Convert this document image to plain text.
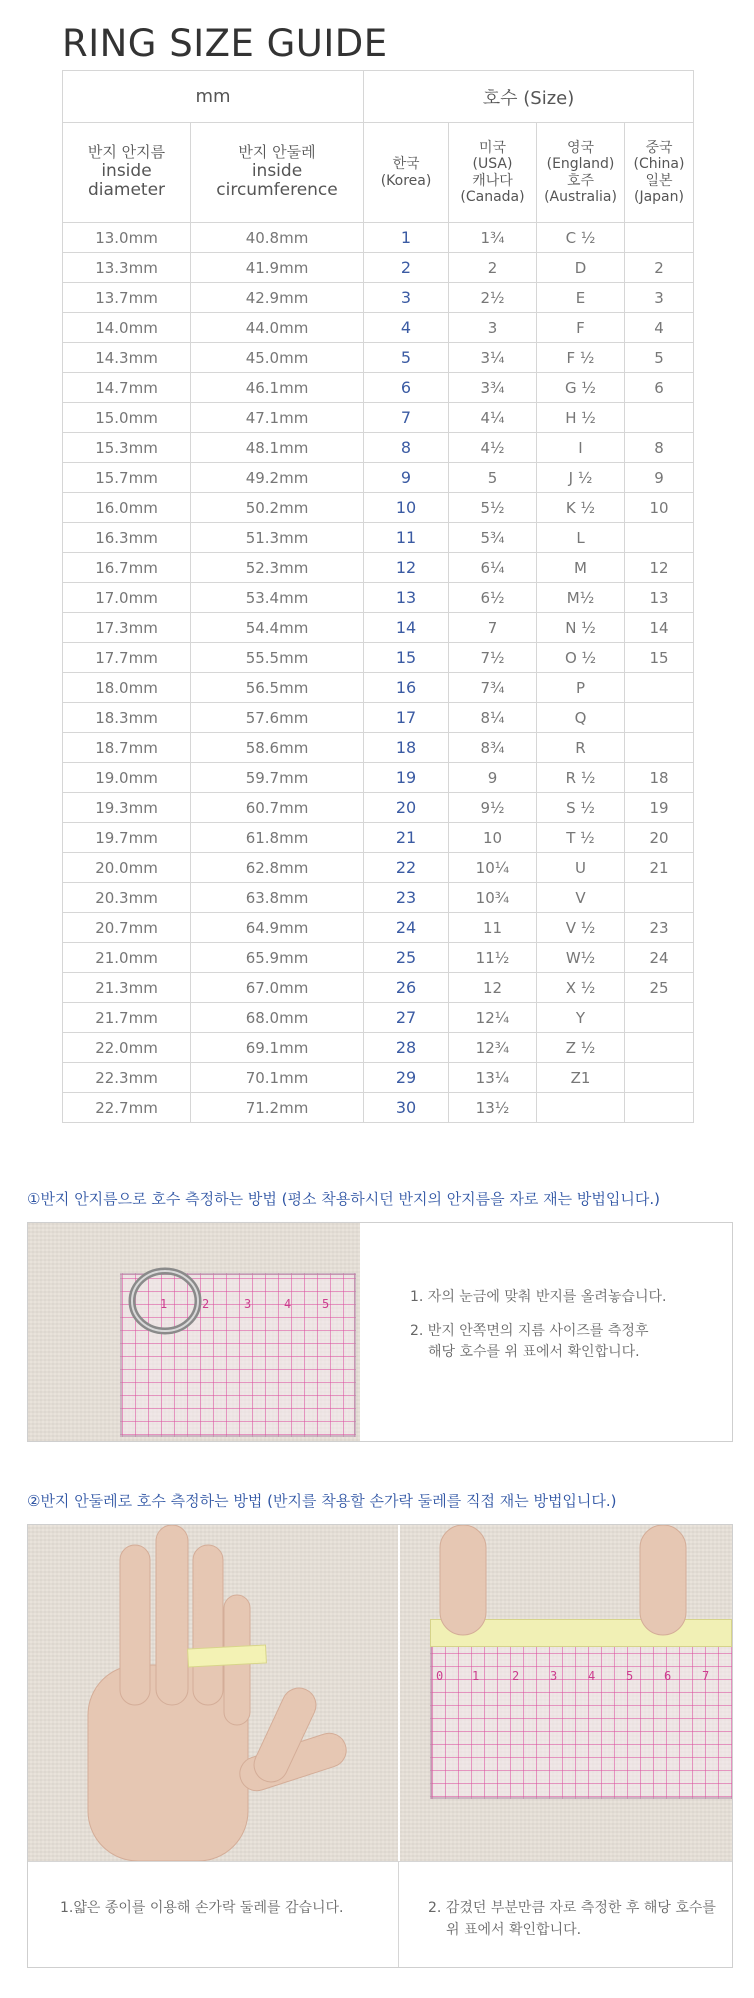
RING SIZE GUIDE
mm		호수 (Size)			

반지 안지름
inside
diameter	반지 안둘레
inside
circumference	한국
(Korea)	미국
(USA)
캐나다
(Canada)	영국
(England)
호주
(Australia)	중국
(China)
일본
(Japan)

13.0mm	40.8mm	1	1¾	C ½	
13.3mm	41.9mm	2	2	D	2
13.7mm	42.9mm	3	2½	E	3
14.0mm	44.0mm	4	3	F	4
14.3mm	45.0mm	5	3¼	F ½	5
14.7mm	46.1mm	6	3¾	G ½	6
15.0mm	47.1mm	7	4¼	H ½	
15.3mm	48.1mm	8	4½	I	8
15.7mm	49.2mm	9	5	J ½	9
16.0mm	50.2mm	10	5½	K ½	10
16.3mm	51.3mm	11	5¾	L	
16.7mm	52.3mm	12	6¼	M	12
17.0mm	53.4mm	13	6½	M½	13
17.3mm	54.4mm	14	7	N ½	14
17.7mm	55.5mm	15	7½	O ½	15
18.0mm	56.5mm	16	7¾	P	
18.3mm	57.6mm	17	8¼	Q	
18.7mm	58.6mm	18	8¾	R	
19.0mm	59.7mm	19	9	R ½	18
19.3mm	60.7mm	20	9½	S ½	19
19.7mm	61.8mm	21	10	T ½	20
20.0mm	62.8mm	22	10¼	U	21
20.3mm	63.8mm	23	10¾	V	
20.7mm	64.9mm	24	11	V ½	23
21.0mm	65.9mm	25	11½	W½	24
21.3mm	67.0mm	26	12	X ½	25
21.7mm	68.0mm	27	12¼	Y	
22.0mm	69.1mm	28	12¾	Z ½	
22.3mm	70.1mm	29	13¼	Z1	
22.7mm	71.2mm	30	13½		
①반지 안지름으로 호수 측정하는 방법 (평소 착용하시던 반지의 안지름을 자로 재는 방법입니다.)
1	2	3	4	5	1. 자의 눈금에 맞춰 반지를 올려놓습니다.

2. 반지 안쪽면의 지름 사이즈를 측정후

해당 호수를 위 표에서 확인합니다.

②반지 안둘레로 호수 측정하는 방법 (반지를 착용할 손가락 둘레를 직접 재는 방법입니다.)
0 1	2	3	4	5	6	7
1.얇은 종이를 이용해 손가락 둘레를 감습니다.	2. 감겼던 부분만큼 자로 측정한 후 해당 호수를
위 표에서 확인합니다.
